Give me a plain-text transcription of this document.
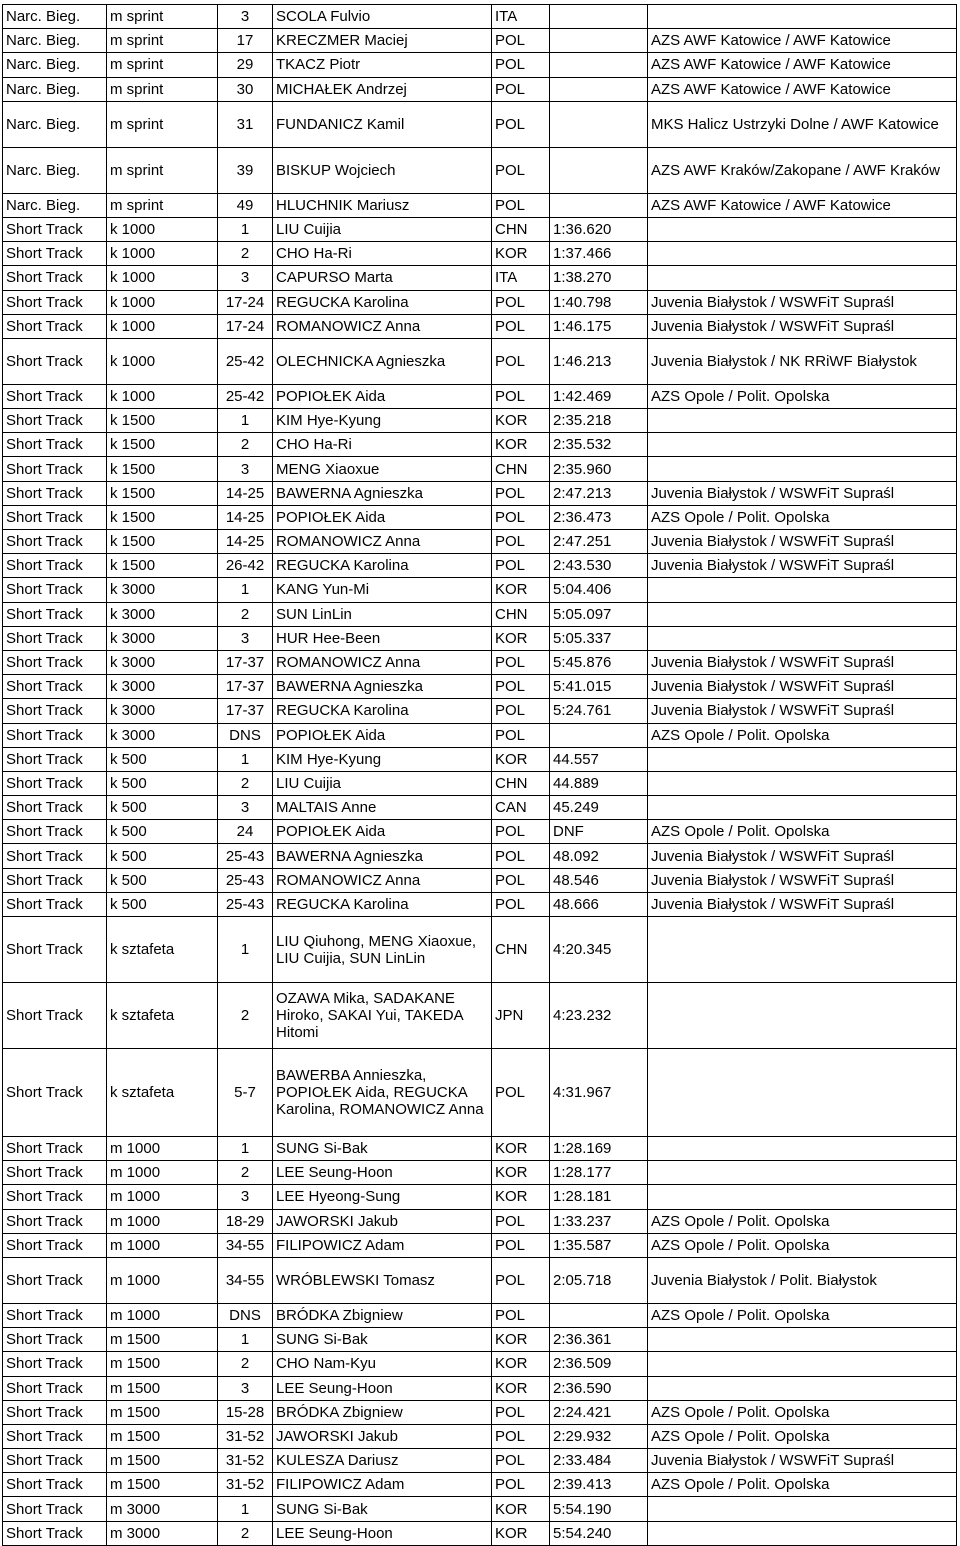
Narc. Bieg.	m sprint	3	SCOLA Fulvio	ITA		
Narc. Bieg.	m sprint	17	KRECZMER Maciej	POL		AZS AWF Katowice / AWF Katowice
Narc. Bieg.	m sprint	29	TKACZ Piotr	POL		AZS AWF Katowice / AWF Katowice
Narc. Bieg.	m sprint	30	MICHAŁEK Andrzej	POL		AZS AWF Katowice / AWF Katowice
Narc. Bieg.	m sprint	31	FUNDANICZ Kamil	POL		MKS Halicz Ustrzyki Dolne / AWF Katowice
Narc. Bieg.	m sprint	39	BISKUP Wojciech	POL		AZS AWF Kraków/Zakopane / AWF Kraków
Narc. Bieg.	m sprint	49	HLUCHNIK Mariusz	POL		AZS AWF Katowice / AWF Katowice
Short Track	k 1000	1	LIU Cuijia	CHN	1:36.620	
Short Track	k 1000	2	CHO Ha-Ri	KOR	1:37.466	
Short Track	k 1000	3	CAPURSO Marta	ITA	1:38.270	
Short Track	k 1000	17-24	REGUCKA Karolina	POL	1:40.798	Juvenia Białystok / WSWFiT Supraśl
Short Track	k 1000	17-24	ROMANOWICZ Anna	POL	1:46.175	Juvenia Białystok / WSWFiT Supraśl
Short Track	k 1000	25-42	OLECHNICKA Agnieszka	POL	1:46.213	Juvenia Białystok / NK RRiWF Białystok
Short Track	k 1000	25-42	POPIOŁEK Aida	POL	1:42.469	AZS Opole / Polit. Opolska
Short Track	k 1500	1	KIM Hye-Kyung	KOR	2:35.218	
Short Track	k 1500	2	CHO Ha-Ri	KOR	2:35.532	
Short Track	k 1500	3	MENG Xiaoxue	CHN	2:35.960	
Short Track	k 1500	14-25	BAWERNA Agnieszka	POL	2:47.213	Juvenia Białystok / WSWFiT Supraśl
Short Track	k 1500	14-25	POPIOŁEK Aida	POL	2:36.473	AZS Opole / Polit. Opolska
Short Track	k 1500	14-25	ROMANOWICZ Anna	POL	2:47.251	Juvenia Białystok / WSWFiT Supraśl
Short Track	k 1500	26-42	REGUCKA Karolina	POL	2:43.530	Juvenia Białystok / WSWFiT Supraśl
Short Track	k 3000	1	KANG Yun-Mi	KOR	5:04.406	
Short Track	k 3000	2	SUN LinLin	CHN	5:05.097	
Short Track	k 3000	3	HUR Hee-Been	KOR	5:05.337	
Short Track	k 3000	17-37	ROMANOWICZ Anna	POL	5:45.876	Juvenia Białystok / WSWFiT Supraśl
Short Track	k 3000	17-37	BAWERNA Agnieszka	POL	5:41.015	Juvenia Białystok / WSWFiT Supraśl
Short Track	k 3000	17-37	REGUCKA Karolina	POL	5:24.761	Juvenia Białystok / WSWFiT Supraśl
Short Track	k 3000	DNS	POPIOŁEK Aida	POL		AZS Opole / Polit. Opolska
Short Track	k 500	1	KIM Hye-Kyung	KOR	44.557	
Short Track	k 500	2	LIU Cuijia	CHN	44.889	
Short Track	k 500	3	MALTAIS Anne	CAN	45.249	
Short Track	k 500	24	POPIOŁEK Aida	POL	DNF	AZS Opole / Polit. Opolska
Short Track	k 500	25-43	BAWERNA Agnieszka	POL	48.092	Juvenia Białystok / WSWFiT Supraśl
Short Track	k 500	25-43	ROMANOWICZ Anna	POL	48.546	Juvenia Białystok / WSWFiT Supraśl
Short Track	k 500	25-43	REGUCKA Karolina	POL	48.666	Juvenia Białystok / WSWFiT Supraśl
Short Track	k sztafeta	1	LIU Qiuhong, MENG Xiaoxue, LIU Cuijia, SUN LinLin	CHN	4:20.345	
Short Track	k sztafeta	2	OZAWA Mika, SADAKANE Hiroko, SAKAI Yui, TAKEDA Hitomi	JPN	4:23.232	
Short Track	k sztafeta	5-7	BAWERBA Annieszka, POPIOŁEK Aida, REGUCKA Karolina, ROMANOWICZ Anna	POL	4:31.967	
Short Track	m 1000	1	SUNG Si-Bak	KOR	1:28.169	
Short Track	m 1000	2	LEE Seung-Hoon	KOR	1:28.177	
Short Track	m 1000	3	LEE Hyeong-Sung	KOR	1:28.181	
Short Track	m 1000	18-29	JAWORSKI Jakub	POL	1:33.237	AZS Opole / Polit. Opolska
Short Track	m 1000	34-55	FILIPOWICZ Adam	POL	1:35.587	AZS Opole / Polit. Opolska
Short Track	m 1000	34-55	WRÓBLEWSKI Tomasz	POL	2:05.718	Juvenia Białystok / Polit. Białystok
Short Track	m 1000	DNS	BRÓDKA Zbigniew	POL		AZS Opole / Polit. Opolska
Short Track	m 1500	1	SUNG Si-Bak	KOR	2:36.361	
Short Track	m 1500	2	CHO Nam-Kyu	KOR	2:36.509	
Short Track	m 1500	3	LEE Seung-Hoon	KOR	2:36.590	
Short Track	m 1500	15-28	BRÓDKA Zbigniew	POL	2:24.421	AZS Opole / Polit. Opolska
Short Track	m 1500	31-52	JAWORSKI Jakub	POL	2:29.932	AZS Opole / Polit. Opolska
Short Track	m 1500	31-52	KULESZA Dariusz	POL	2:33.484	Juvenia Białystok / WSWFiT Supraśl
Short Track	m 1500	31-52	FILIPOWICZ Adam	POL	2:39.413	AZS Opole / Polit. Opolska
Short Track	m 3000	1	SUNG Si-Bak	KOR	5:54.190	
Short Track	m 3000	2	LEE Seung-Hoon	KOR	5:54.240	
